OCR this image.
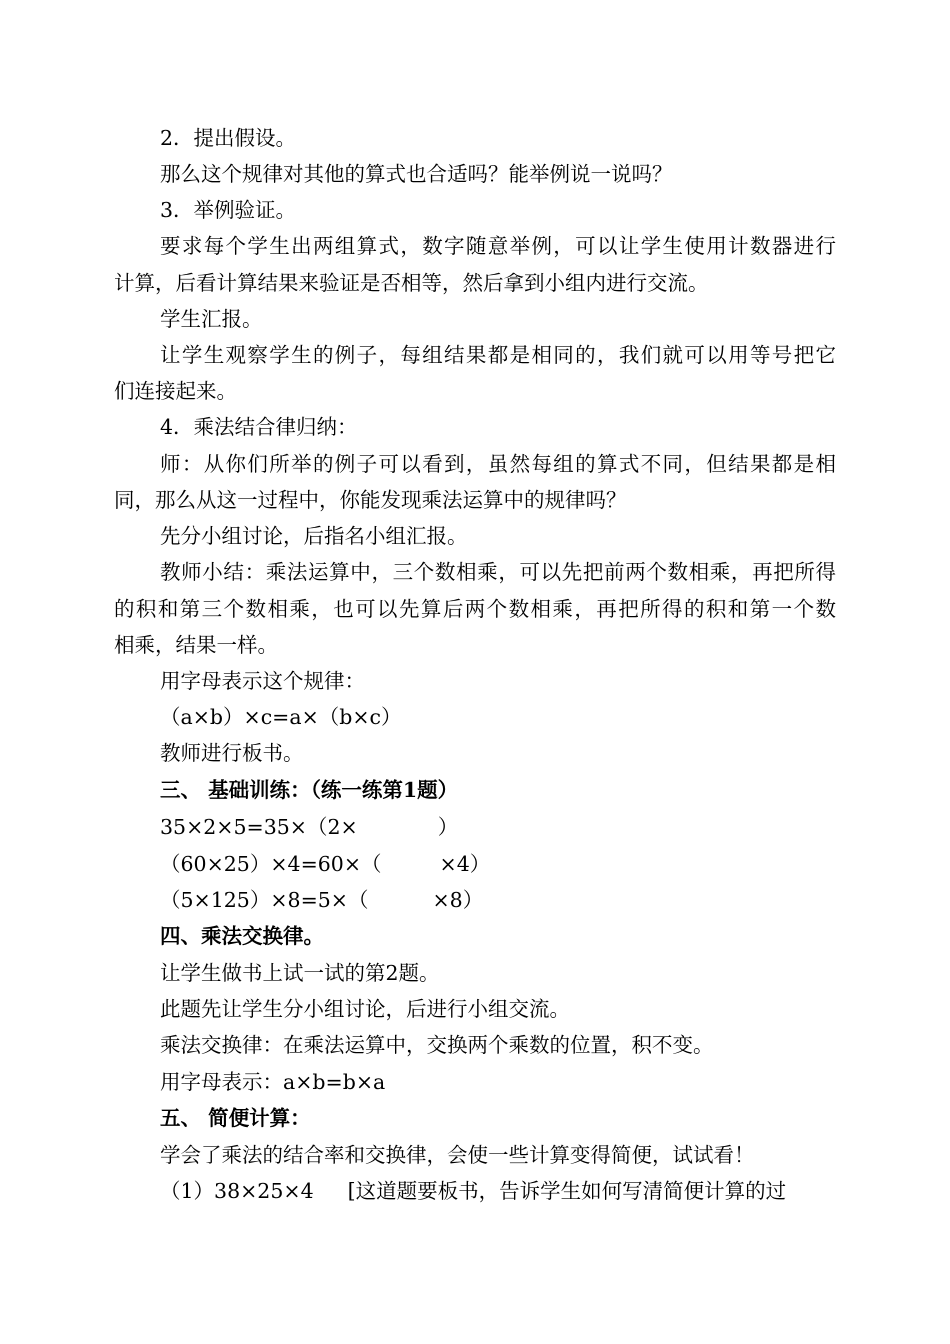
2．提出假设。
那么这个规律对其他的算式也合适吗？能举例说一说吗？
3．举例验证。
要求每个学生出两组算式，数字随意举例，可以让学生使用计数器进行
计算，后看计算结果来验证是否相等，然后拿到小组内进行交流。
学生汇报。
让学生观察学生的例子，每组结果都是相同的，我们就可以用等号把它
们连接起来。
4．乘法结合律归纳：
师：从你们所举的例子可以看到，虽然每组的算式不同，但结果都是相
同，那么从这一过程中，你能发现乘法运算中的规律吗？
先分小组讨论，后指名小组汇报。
教师小结：乘法运算中，三个数相乘，可以先把前两个数相乘，再把所得
的积和第三个数相乘，也可以先算后两个数相乘，再把所得的积和第一个数
相乘，结果一样。
用字母表示这个规律：
（a×b）×c=a×（b×c）
教师进行板书。
三、 基础训练：（练一练第1题）
35×2×5=35×（2×	）
（60×25）×4=60×（	×4）
（5×125）×8=5×（	×8）
四、乘法交换律。
让学生做书上试一试的第2题。
此题先让学生分小组讨论，后进行小组交流。
乘法交换律：在乘法运算中，交换两个乘数的位置，积不变。
用字母表示：a×b=b×a
五、 简便计算：
学会了乘法的结合率和交换律，会使一些计算变得简便，试试看！
（1）38×25×4 [这道题要板书，告诉学生如何写清简便计算的过
